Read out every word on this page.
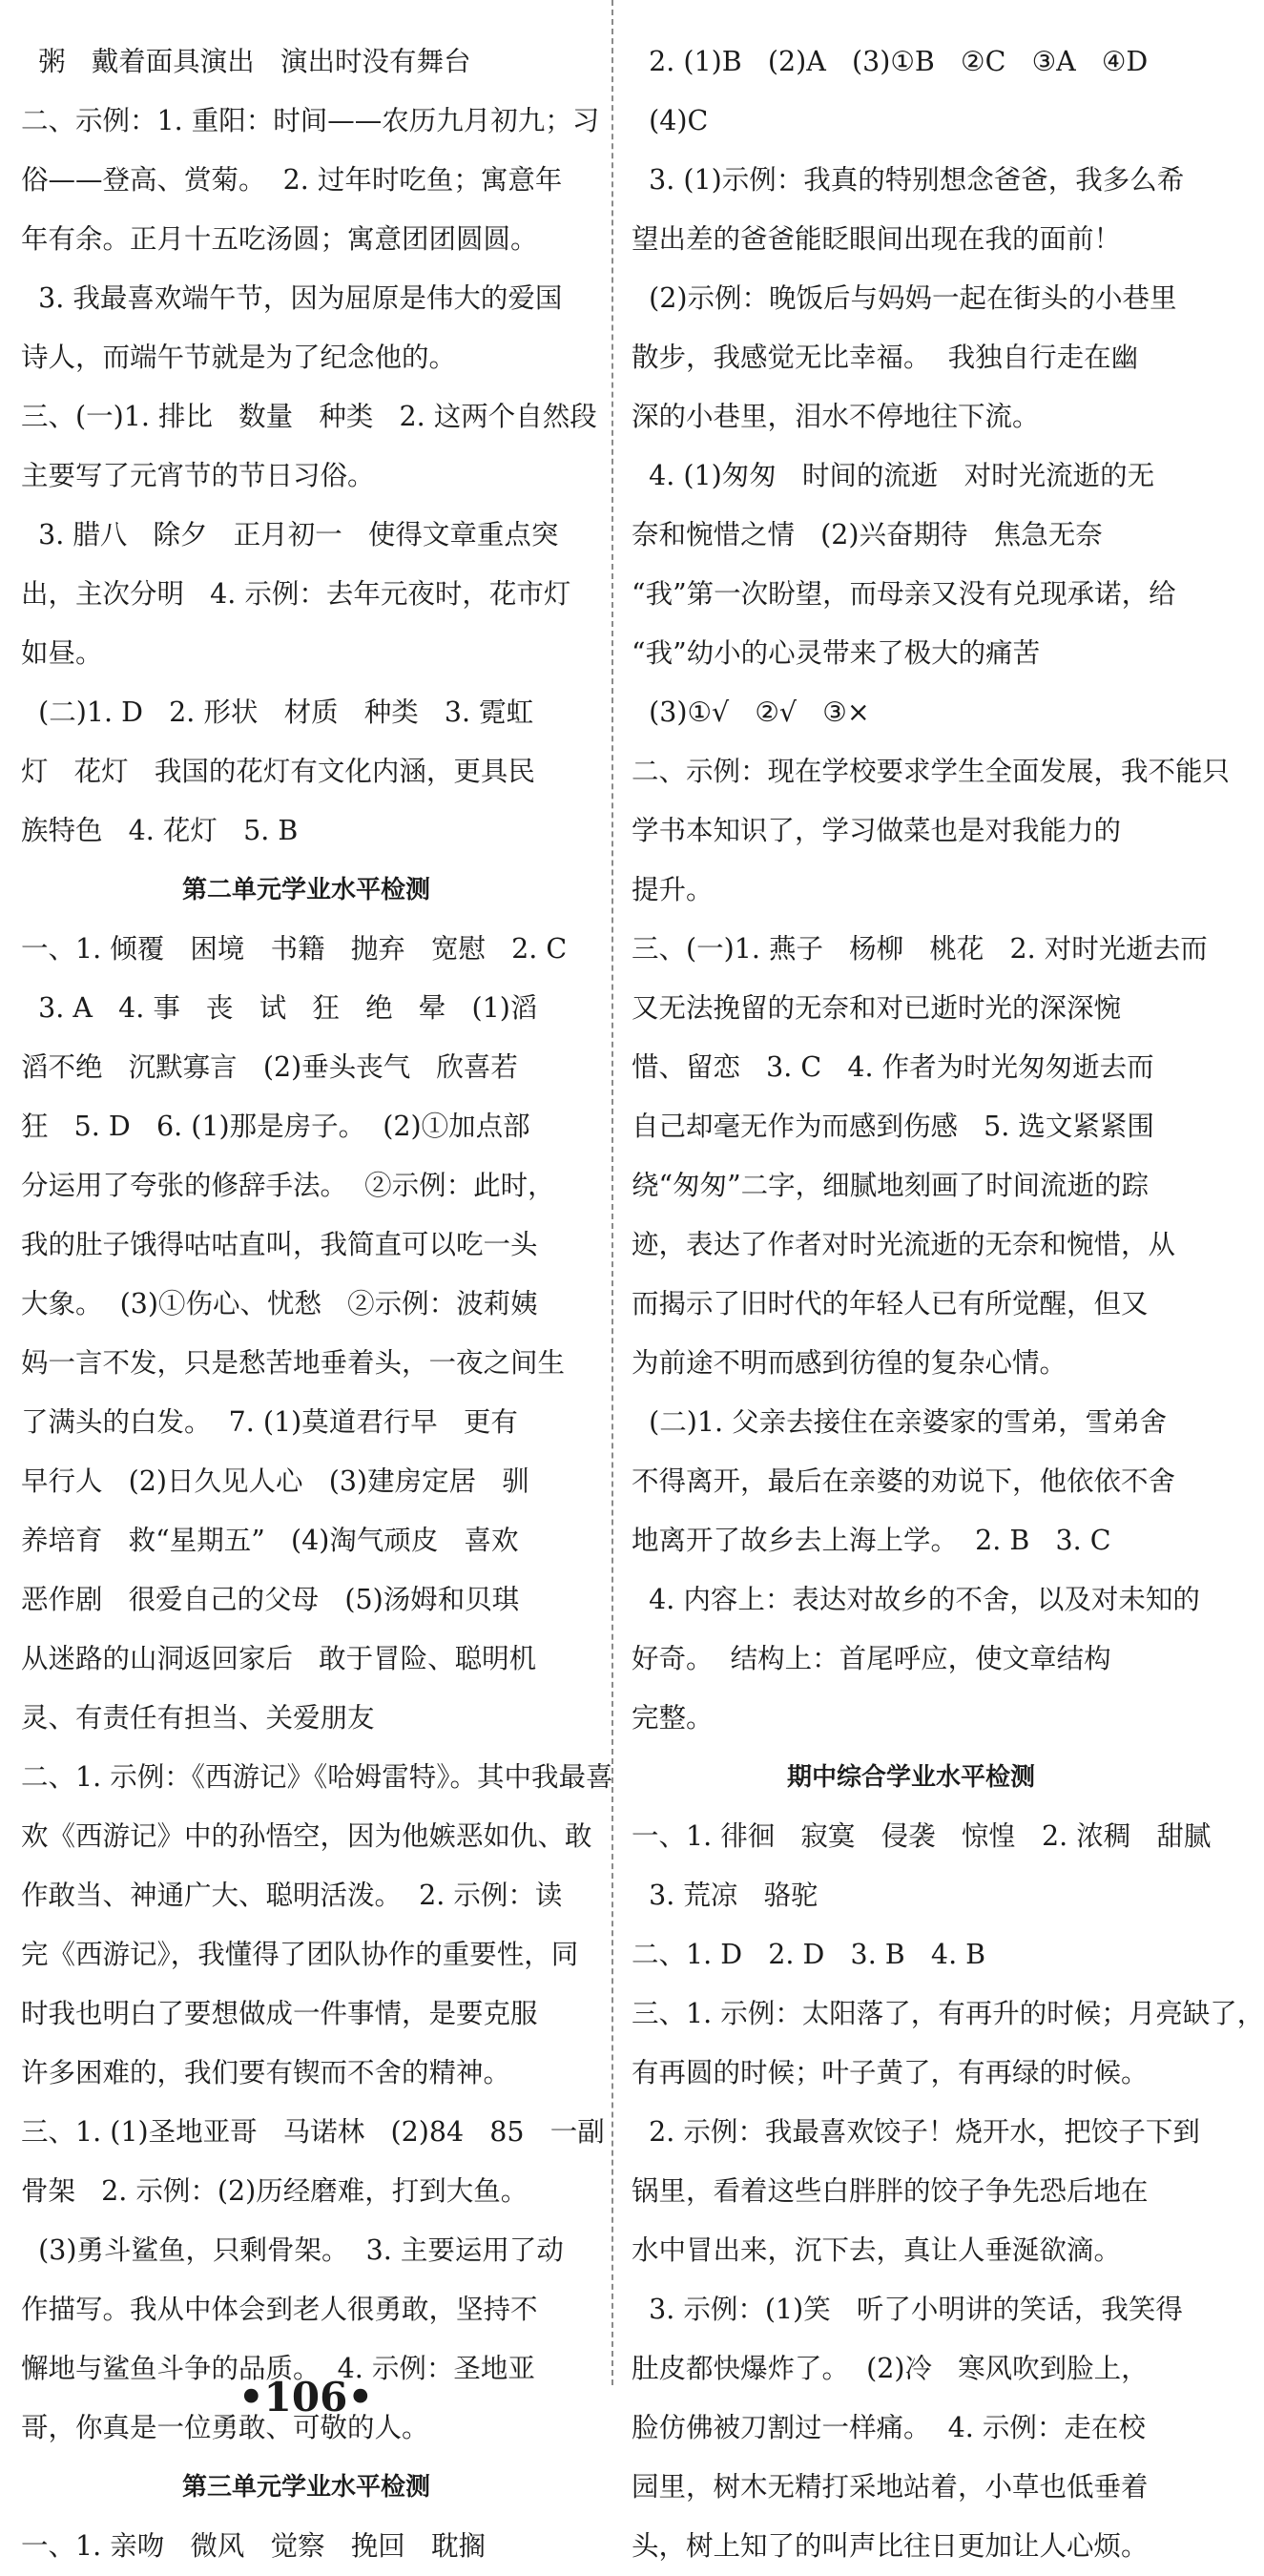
粥   戴着面具演出   演出时没有舞台
二、示例：1. 重阳：时间——农历九月初九；习
俗——登高、赏菊。  2. 过年时吃鱼；寓意年
年有余。正月十五吃汤圆；寓意团团圆圆。
3. 我最喜欢端午节，因为屈原是伟大的爱国
诗人，而端午节就是为了纪念他的。
三、(一)1. 排比   数量   种类   2. 这两个自然段
主要写了元宵节的节日习俗。
3. 腊八   除夕   正月初一   使得文章重点突
出，主次分明   4. 示例：去年元夜时，花市灯
如昼。
(二)1. D   2. 形状   材质   种类   3. 霓虹
灯   花灯   我国的花灯有文化内涵，更具民
族特色   4. 花灯   5. B
第二单元学业水平检测
一、1. 倾覆   困境   书籍   抛弃   宽慰   2. C
3. A   4. 事   丧   试   狂   绝   晕   (1)滔
滔不绝   沉默寡言   (2)垂头丧气   欣喜若
狂   5. D   6. (1)那是房子。  (2)①加点部
分运用了夸张的修辞手法。  ②示例：此时，
我的肚子饿得咕咕直叫，我简直可以吃一头
大象。  (3)①伤心、忧愁   ②示例：波莉姨
妈一言不发，只是愁苦地垂着头，一夜之间生
了满头的白发。  7. (1)莫道君行早   更有
早行人   (2)日久见人心   (3)建房定居   驯
养培育   救“星期五”   (4)淘气顽皮   喜欢
恶作剧   很爱自己的父母   (5)汤姆和贝琪
从迷路的山洞返回家后   敢于冒险、聪明机
灵、有责任有担当、关爱朋友
二、1. 示例：《西游记》《哈姆雷特》。其中我最喜
欢《西游记》中的孙悟空，因为他嫉恶如仇、敢
作敢当、神通广大、聪明活泼。  2. 示例：读
完《西游记》，我懂得了团队协作的重要性，同
时我也明白了要想做成一件事情，是要克服
许多困难的，我们要有锲而不舍的精神。
三、1. (1)圣地亚哥   马诺林   (2)84   85   一副
骨架   2. 示例：(2)历经磨难，打到大鱼。
(3)勇斗鲨鱼，只剩骨架。  3. 主要运用了动
作描写。我从中体会到老人很勇敢，坚持不
懈地与鲨鱼斗争的品质。  4. 示例：圣地亚
哥，你真是一位勇敢、可敬的人。
第三单元学业水平检测
一、1. 亲吻   微风   觉察   挽回   耽搁
2. (1)B   (2)A   (3)①B   ②C   ③A   ④D
(4)C
3. (1)示例：我真的特别想念爸爸，我多么希
望出差的爸爸能眨眼间出现在我的面前！
(2)示例：晚饭后与妈妈一起在街头的小巷里
散步，我感觉无比幸福。  我独自行走在幽
深的小巷里，泪水不停地往下流。
4. (1)匆匆   时间的流逝   对时光流逝的无
奈和惋惜之情   (2)兴奋期待   焦急无奈
“我”第一次盼望，而母亲又没有兑现承诺，给
“我”幼小的心灵带来了极大的痛苦
(3)①√   ②√   ③×
二、示例：现在学校要求学生全面发展，我不能只
学书本知识了，学习做菜也是对我能力的
提升。
三、(一)1. 燕子   杨柳   桃花   2. 对时光逝去而
又无法挽留的无奈和对已逝时光的深深惋
惜、留恋   3. C   4. 作者为时光匆匆逝去而
自己却毫无作为而感到伤感   5. 选文紧紧围
绕“匆匆”二字，细腻地刻画了时间流逝的踪
迹，表达了作者对时光流逝的无奈和惋惜，从
而揭示了旧时代的年轻人已有所觉醒，但又
为前途不明而感到彷徨的复杂心情。
(二)1. 父亲去接住在亲婆家的雪弟，雪弟舍
不得离开，最后在亲婆的劝说下，他依依不舍
地离开了故乡去上海上学。  2. B   3. C
4. 内容上：表达对故乡的不舍，以及对未知的
好奇。  结构上：首尾呼应，使文章结构
完整。
期中综合学业水平检测
一、1. 徘徊   寂寞   侵袭   惊惶   2. 浓稠   甜腻
3. 荒凉   骆驼
二、1. D   2. D   3. B   4. B
三、1. 示例：太阳落了，有再升的时候；月亮缺了，
有再圆的时候；叶子黄了，有再绿的时候。
2. 示例：我最喜欢饺子！烧开水，把饺子下到
锅里，看着这些白胖胖的饺子争先恐后地在
水中冒出来，沉下去，真让人垂涎欲滴。
3. 示例：(1)笑   听了小明讲的笑话，我笑得
肚皮都快爆炸了。  (2)冷   寒风吹到脸上，
脸仿佛被刀割过一样痛。  4. 示例：走在校
园里，树木无精打采地站着，小草也低垂着
头，树上知了的叫声比往日更加让人心烦。
•106•
